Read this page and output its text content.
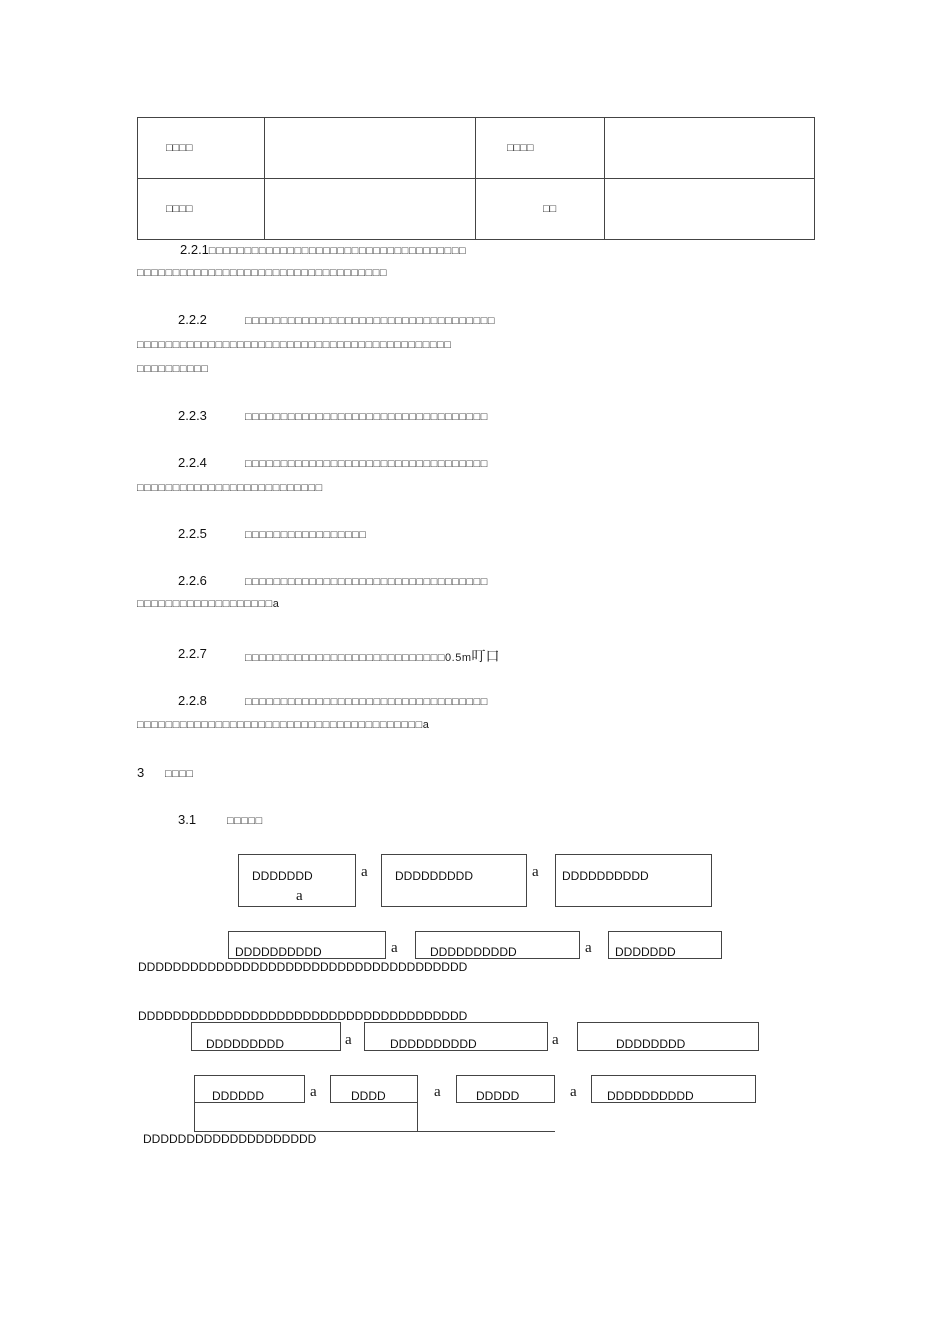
□□□□		□□□□	
□□□□		□□	
2.2.1□□□□□□□□□□□□□□□□□□□□□□□□□□□□□□□□□□□□
□□□□□□□□□□□□□□□□□□□□□□□□□□□□□□□□□□□
2.2.2	□□□□□□□□□□□□□□□□□□□□□□□□□□□□□□□□□□□
□□□□□□□□□□□□□□□□□□□□□□□□□□□□□□□□□□□□□□□□□□□□
□□□□□□□□□□
2.2.3	□□□□□□□□□□□□□□□□□□□□□□□□□□□□□□□□□□
2.2.4	□□□□□□□□□□□□□□□□□□□□□□□□□□□□□□□□□□
□□□□□□□□□□□□□□□□□□□□□□□□□□
2.2.5	□□□□□□□□□□□□□□□□□
2.2.6	□□□□□□□□□□□□□□□□□□□□□□□□□□□□□□□□□□
□□□□□□□□□□□□□□□□□□□a
2.2.7	□□□□□□□□□□□□□□□□□□□□□□□□□□□□0.5m叮口
2.2.8	□□□□□□□□□□□□□□□□□□□□□□□□□□□□□□□□□□
□□□□□□□□□□□□□□□□□□□□□□□□□□□□□□□□□□□□□□□□a
3 □□□□
3.1	□□□□□
DDDDDDD
a
a DDDDDDDDD	a DDDDDDDDDD
DDDDDDDDDD	a	DDDDDDDDDD	a DDDDDDD
DDDDDDDDDDDDDDDDDDDDDDDDDDDDDDDDDDDDDD
DDDDDDDDDDDDDDDDDDDDDDDDDDDDDDDDDDDDDD
DDDDDDDDD	a	DDDDDDDDDD	a	DDDDDDDD
DDDDDD	a	DDDD	a	DDDDD	a	DDDDDDDDDD
DDDDDDDDDDDDDDDDDDDD
